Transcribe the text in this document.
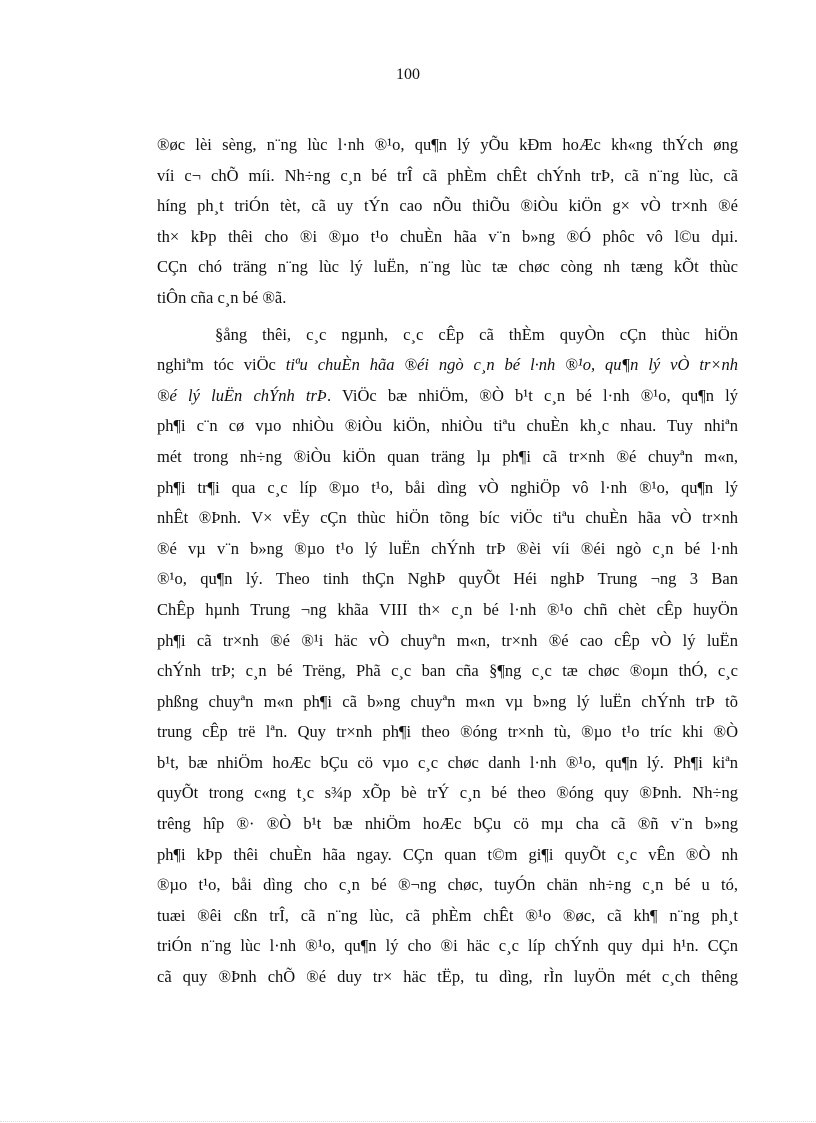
100

®øc lèi sèng, n¨ng lùc l·nh ®¹o, qu¶n lý yÕu kÐm hoÆc kh«ng thÝch øng
víi c¬ chÕ míi. Nh÷ng c¸n bé trÎ cã phÈm chÊt chÝnh trÞ, cã n¨ng lùc, cã
híng ph¸t triÓn tèt, cã uy tÝn cao nÕu thiÕu ®iÒu kiÖn g× vÒ tr×nh ®é
th× kÞp thêi cho ®i ®µo t¹o chuÈn hãa v¨n b»ng ®Ó phôc vô l©u dµi.
CÇn chó träng n¨ng lùc lý luËn, n¨ng lùc tæ chøc còng nh tæng kÕt thùc
tiÔn cña c¸n bé ®ã.

§ång thêi, c¸c ngµnh, c¸c cÊp cã thÈm quyÒn cÇn thùc hiÖn
nghiªm tóc viÖc tiªu chuÈn hãa ®éi ngò c¸n bé l·nh ®¹o, qu¶n lý vÒ tr×nh
®é lý luËn chÝnh trÞ. ViÖc bæ nhiÖm, ®Ò b¹t c¸n bé l·nh ®¹o, qu¶n lý
ph¶i c¨n cø vµo nhiÒu ®iÒu kiÖn, nhiÒu tiªu chuÈn kh¸c nhau. Tuy nhiªn
mét trong nh÷ng ®iÒu kiÖn quan träng lµ ph¶i cã tr×nh ®é chuyªn m«n,
ph¶i tr¶i qua c¸c líp ®µo t¹o, båi dìng vÒ nghiÖp vô l·nh ®¹o, qu¶n lý
nhÊt ®Þnh. V× vËy cÇn thùc hiÖn tõng bíc viÖc tiªu chuÈn hãa vÒ tr×nh
®é vµ v¨n b»ng ®µo t¹o lý luËn chÝnh trÞ ®èi víi ®éi ngò c¸n bé l·nh
®¹o, qu¶n lý. Theo tinh thÇn NghÞ quyÕt Héi nghÞ Trung ¬ng 3 Ban
ChÊp hµnh Trung ¬ng khãa VIII th× c¸n bé l·nh ®¹o chñ chèt cÊp huyÖn
ph¶i cã tr×nh ®é ®¹i häc vÒ chuyªn m«n, tr×nh ®é cao cÊp vÒ lý luËn
chÝnh trÞ; c¸n bé Trëng, Phã c¸c ban cña §¶ng c¸c tæ chøc ®oµn thÓ, c¸c
phßng chuyªn m«n ph¶i cã b»ng chuyªn m«n vµ b»ng lý luËn chÝnh trÞ tõ
trung cÊp trë lªn. Quy tr×nh ph¶i theo ®óng tr×nh tù, ®µo t¹o tríc khi ®Ò
b¹t, bæ nhiÖm hoÆc bÇu cö vµo c¸c chøc danh l·nh ®¹o, qu¶n lý. Ph¶i kiªn
quyÕt trong c«ng t¸c s¾p xÕp bè trÝ c¸n bé theo ®óng quy ®Þnh. Nh÷ng
trêng hîp ®· ®Ò b¹t bæ nhiÖm hoÆc bÇu cö mµ cha cã ®ñ v¨n b»ng
ph¶i kÞp thêi chuÈn hãa ngay. CÇn quan t©m gi¶i quyÕt c¸c vÊn ®Ò nh
®µo t¹o, båi dìng cho c¸n bé ®¬ng chøc, tuyÓn chän nh÷ng c¸n bé u tó,
tuæi ®êi cßn trÎ, cã n¨ng lùc, cã phÈm chÊt ®¹o ®øc, cã kh¶ n¨ng ph¸t
triÓn n¨ng lùc l·nh ®¹o, qu¶n lý cho ®i häc c¸c líp chÝnh quy dµi h¹n. CÇn
cã quy ®Þnh chÕ ®é duy tr× häc tËp, tu dìng, rÌn luyÖn mét c¸ch thêng
